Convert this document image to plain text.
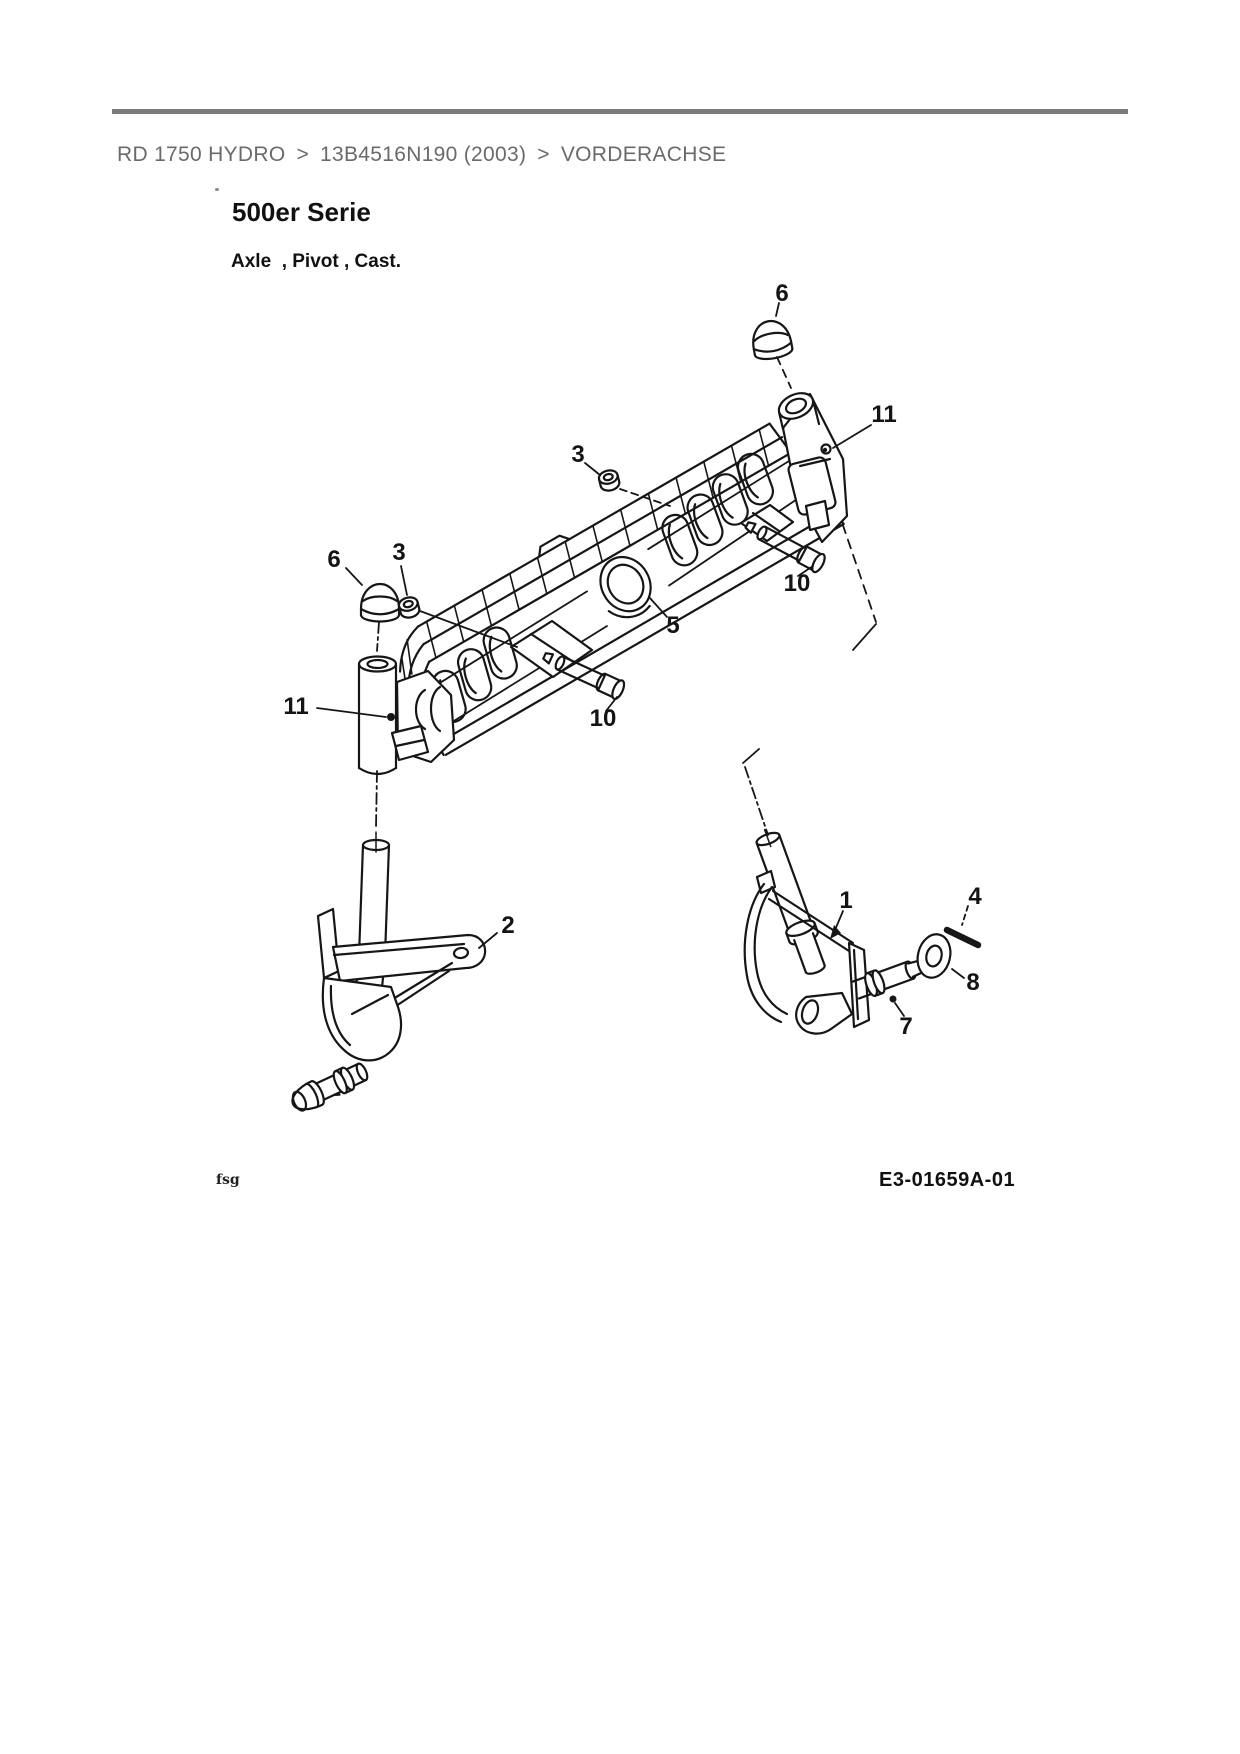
RD 1750 HYDRO > 13B4516N190 (2003) > VORDERACHSE
500er Serie
Axle  , Pivot , Cast.
6
11
3
10
5
6 3
11	10
2
1	4
8
7
fsg	E3-01659A-01
